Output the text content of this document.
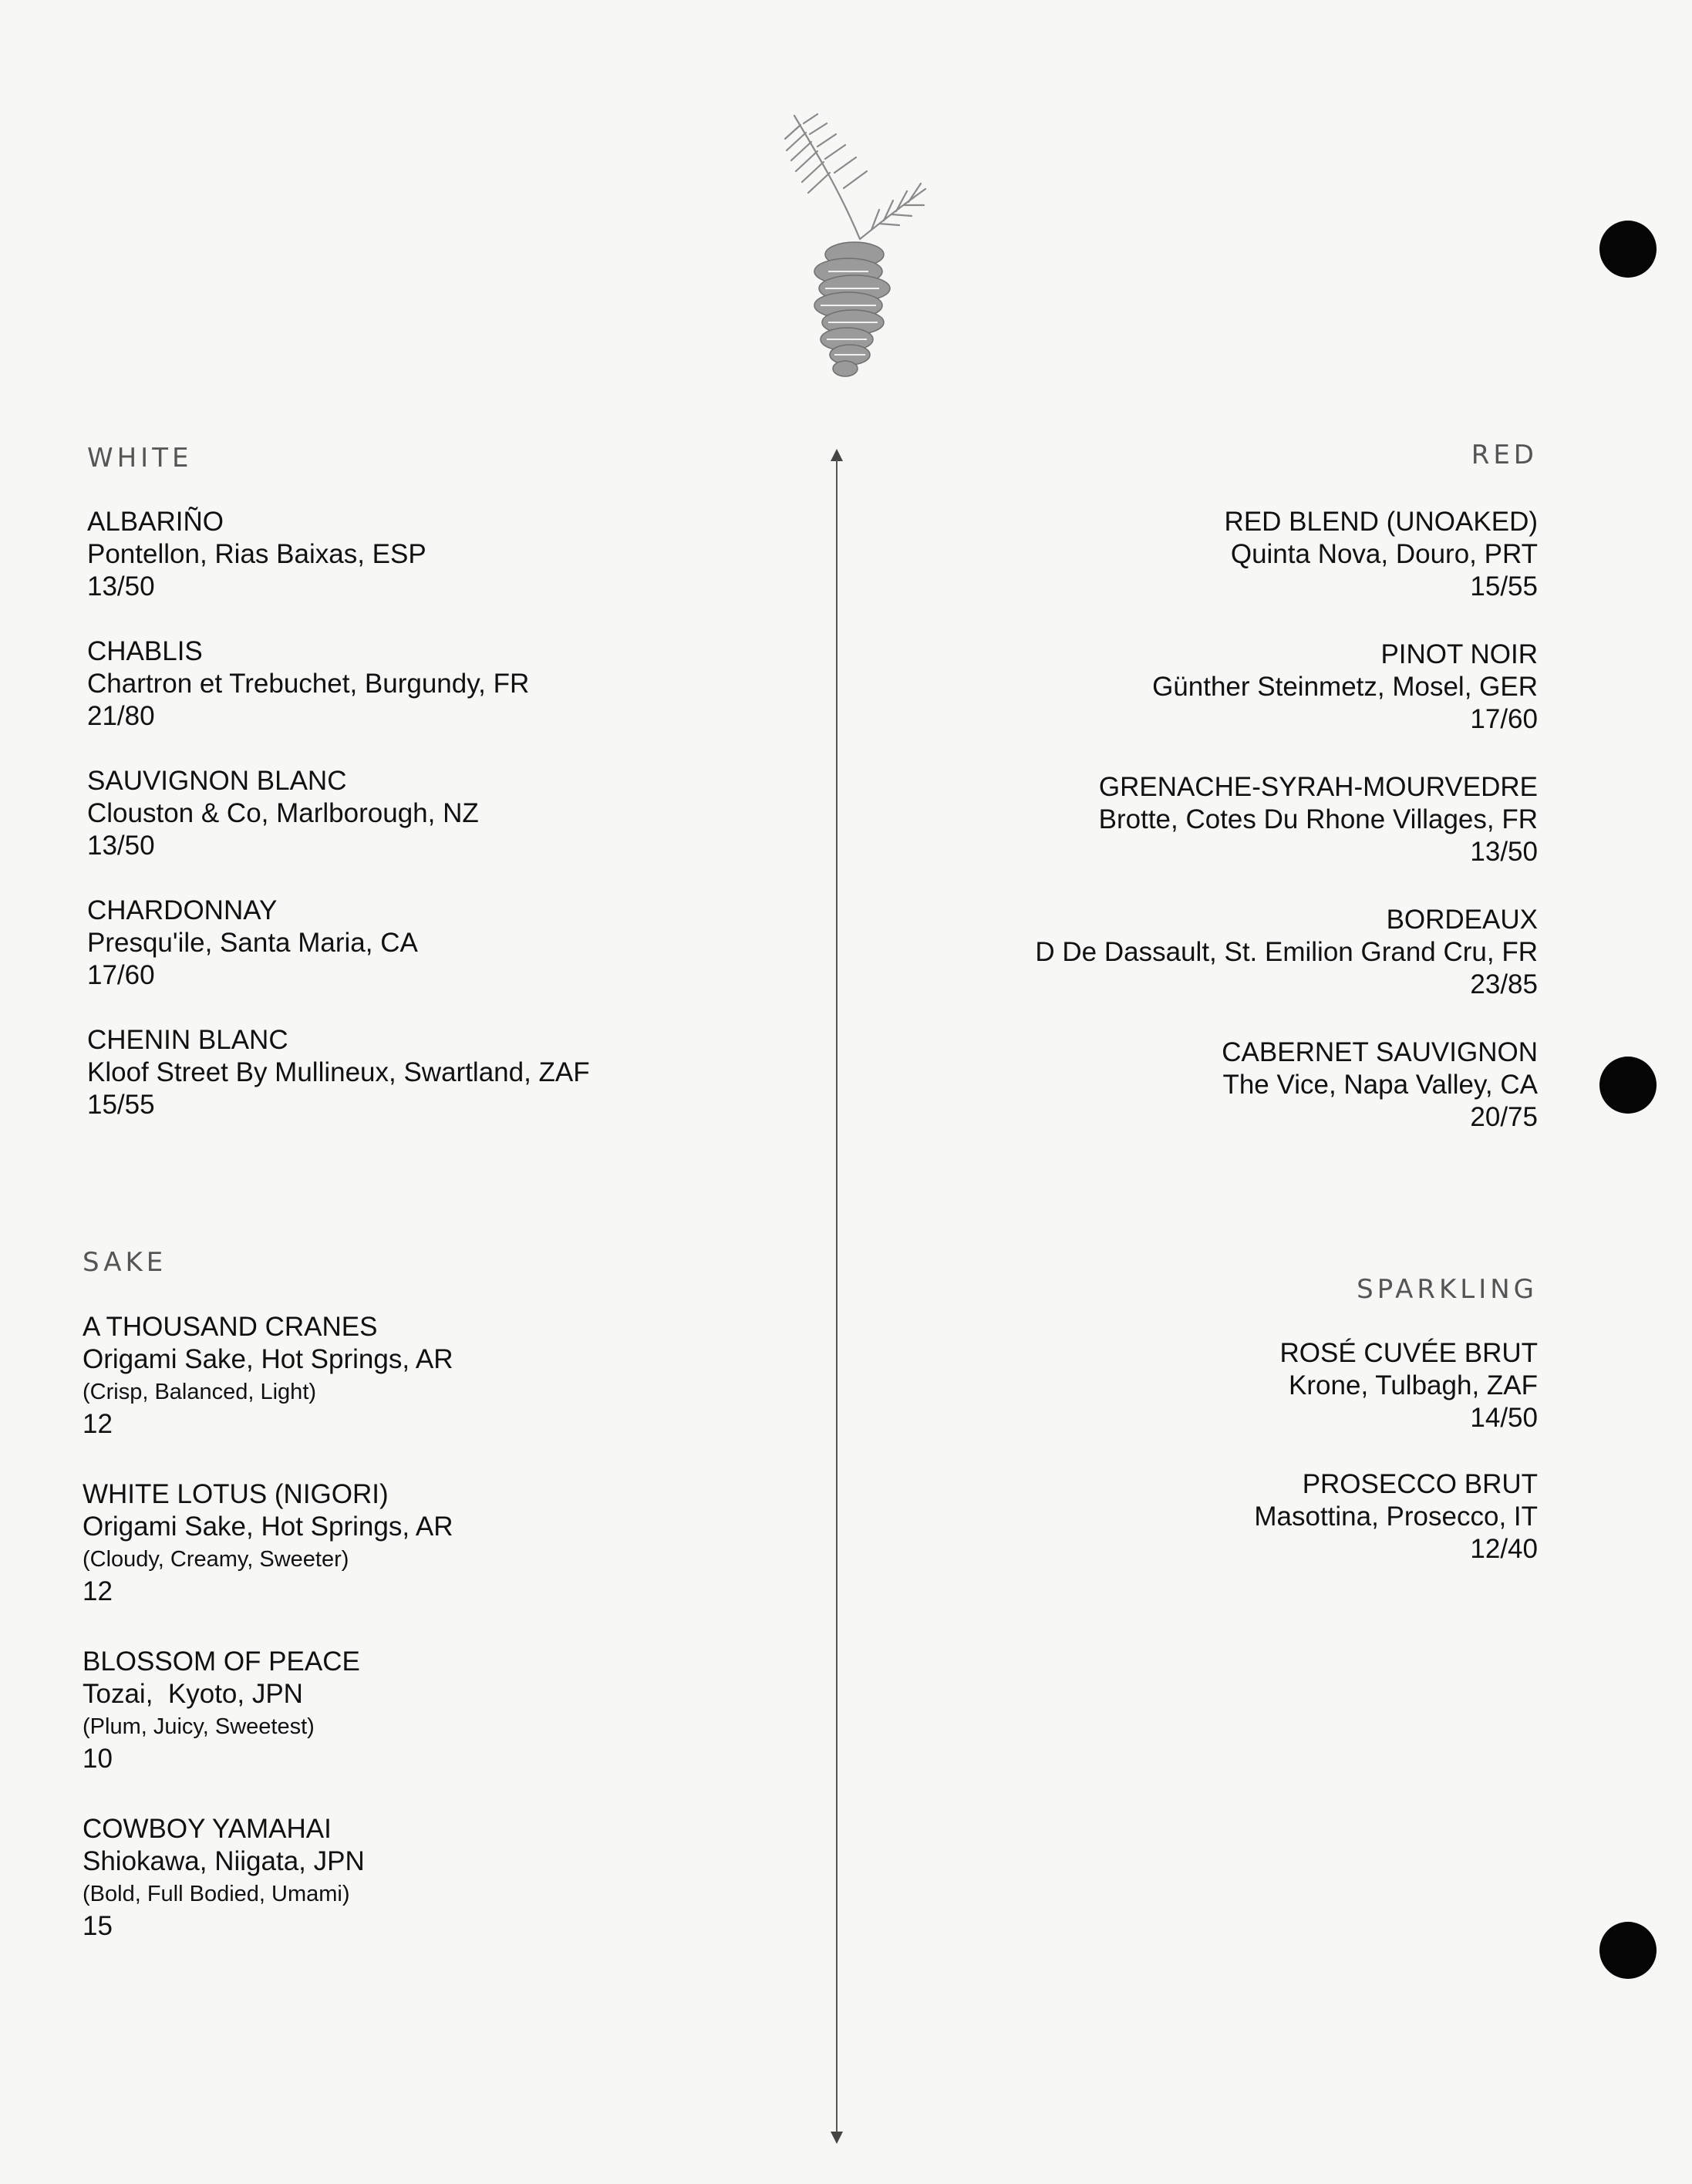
WHITE	RED
SAKE
SPARKLING
ALBARIÑO
Pontellon, Rias Baixas, ESP
13/50
CHABLIS
Chartron et Trebuchet, Burgundy, FR
21/80
SAUVIGNON BLANC
Clouston & Co, Marlborough, NZ
13/50
CHARDONNAY
Presqu'ile, Santa Maria, CA
17/60
CHENIN BLANC
Kloof Street By Mullineux, Swartland, ZAF
15/55
RED BLEND (UNOAKED)
Quinta Nova, Douro, PRT
15/55
PINOT NOIR
Günther Steinmetz, Mosel, GER
17/60
GRENACHE-SYRAH-MOURVEDRE
Brotte, Cotes Du Rhone Villages, FR
13/50
BORDEAUX
D De Dassault, St. Emilion Grand Cru, FR
23/85
CABERNET SAUVIGNON
The Vice, Napa Valley, CA
20/75
A THOUSAND CRANES
Origami Sake, Hot Springs, AR
(Crisp, Balanced, Light)
12
WHITE LOTUS (NIGORI)
Origami Sake, Hot Springs, AR
(Cloudy, Creamy, Sweeter)
12
BLOSSOM OF PEACE
Tozai,  Kyoto, JPN
(Plum, Juicy, Sweetest)
10
COWBOY YAMAHAI
Shiokawa, Niigata, JPN
(Bold, Full Bodied, Umami)
15
ROSÉ CUVÉE BRUT
Krone, Tulbagh, ZAF
14/50
PROSECCO BRUT
Masottina, Prosecco, IT
12/40
